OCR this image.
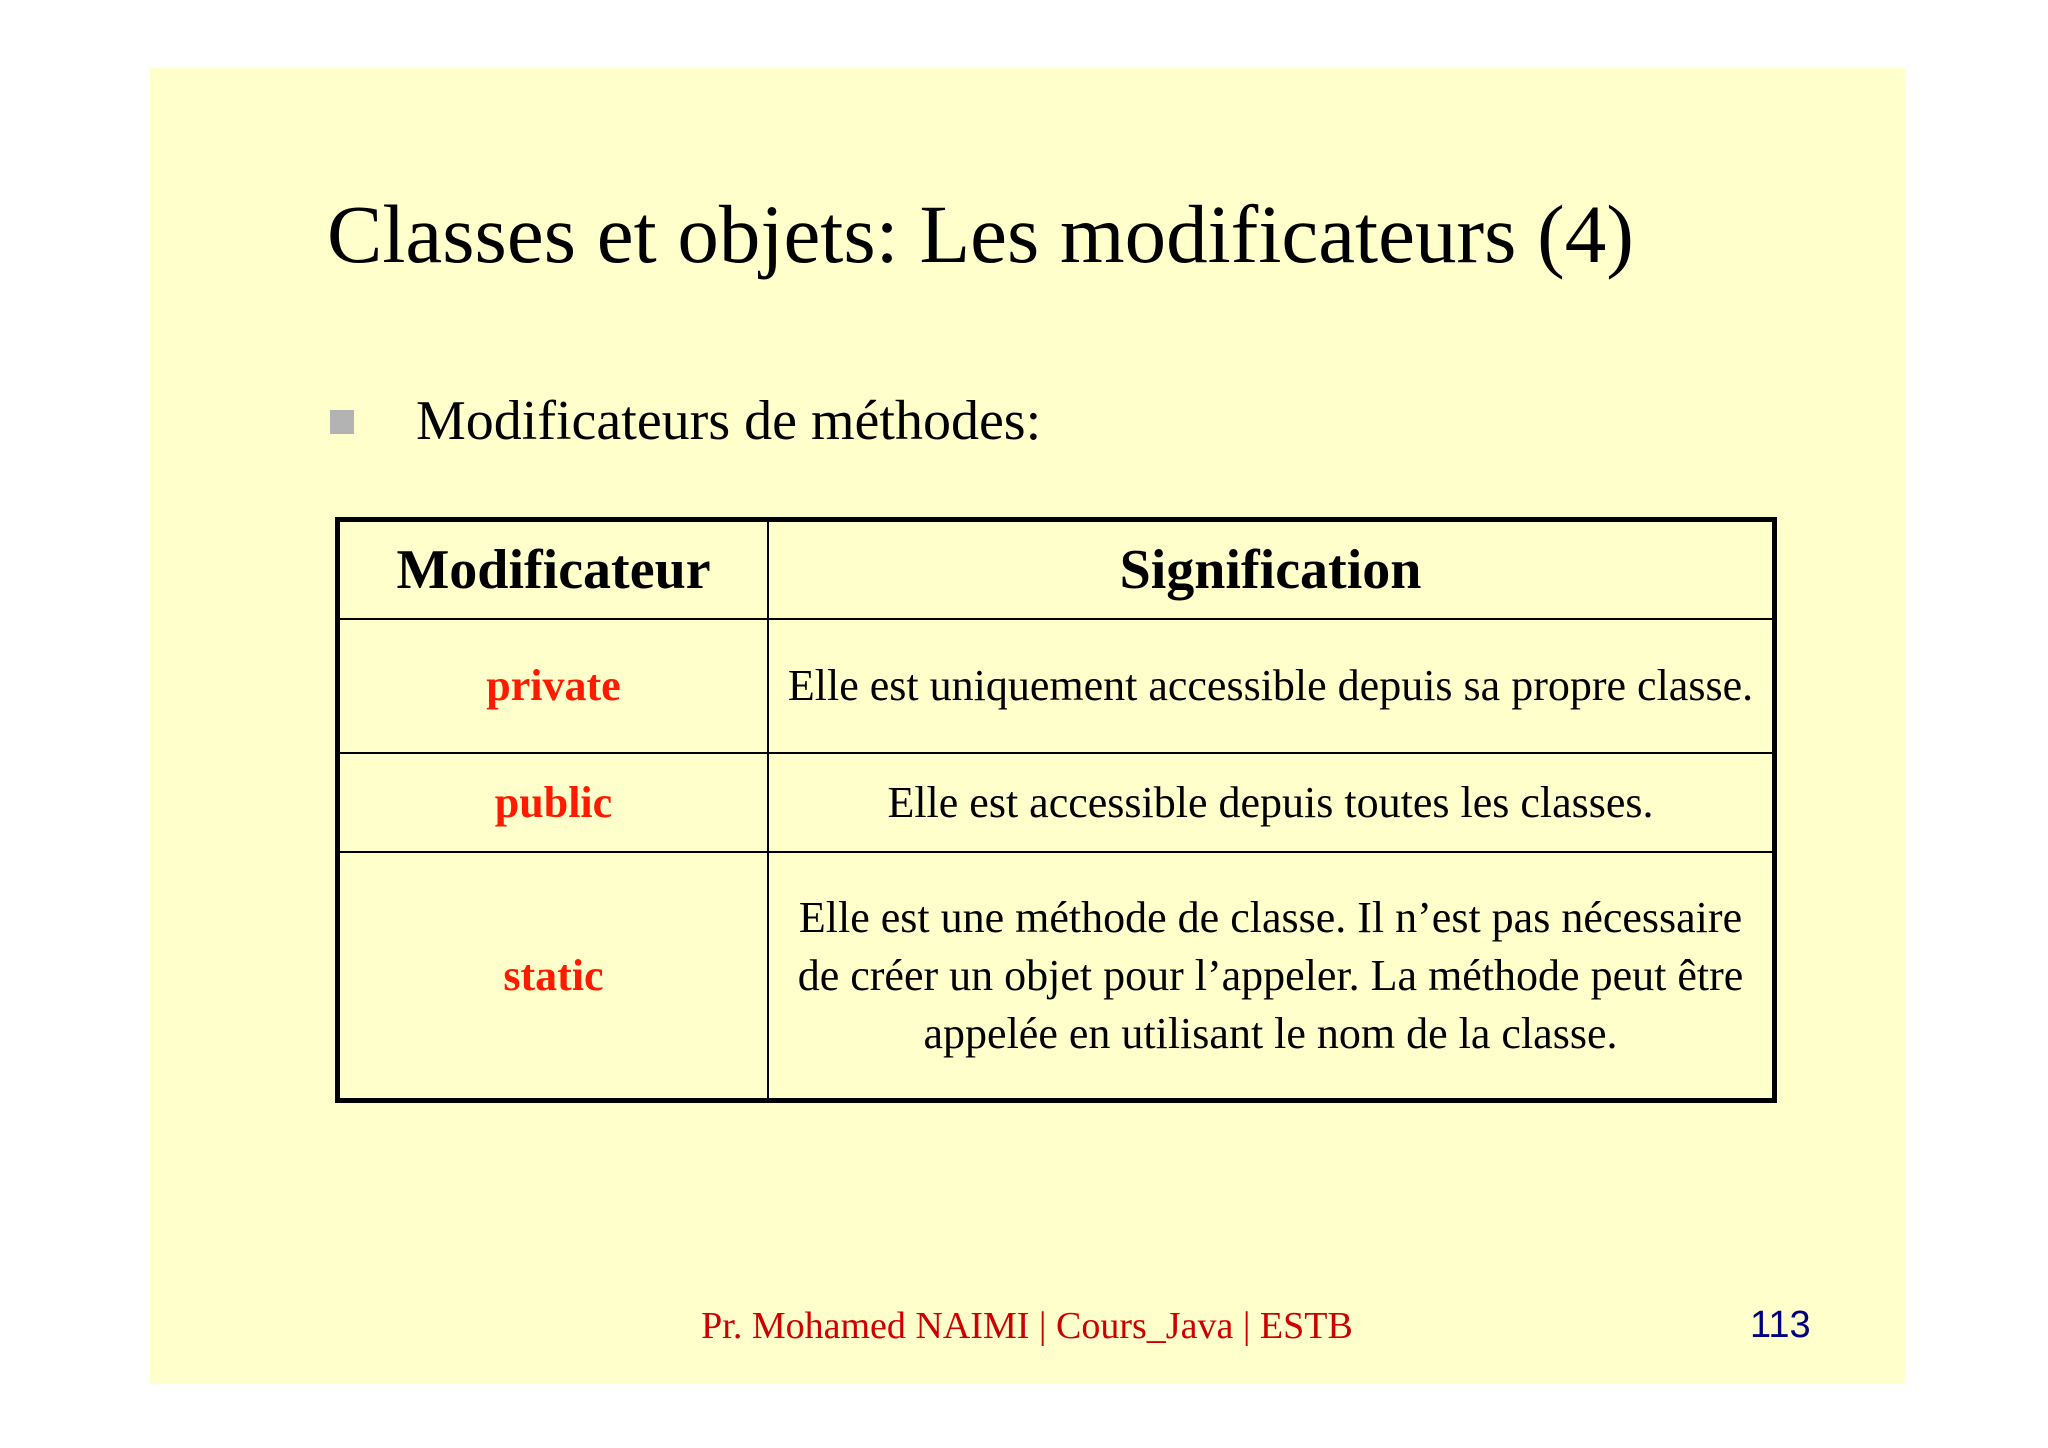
Classes et objets: Les modificateurs (4)
Modificateurs de méthodes:
Modificateur	Signification
private	Elle est uniquement accessible depuis sa propre classe.
public	Elle est accessible depuis toutes les classes.
static	Elle est une méthode de classe. Il n’est pas nécessaire de créer un objet pour l’appeler. La méthode peut être appelée en utilisant le nom de la classe.
Pr. Mohamed NAIMI | Cours_Java | ESTB	113
